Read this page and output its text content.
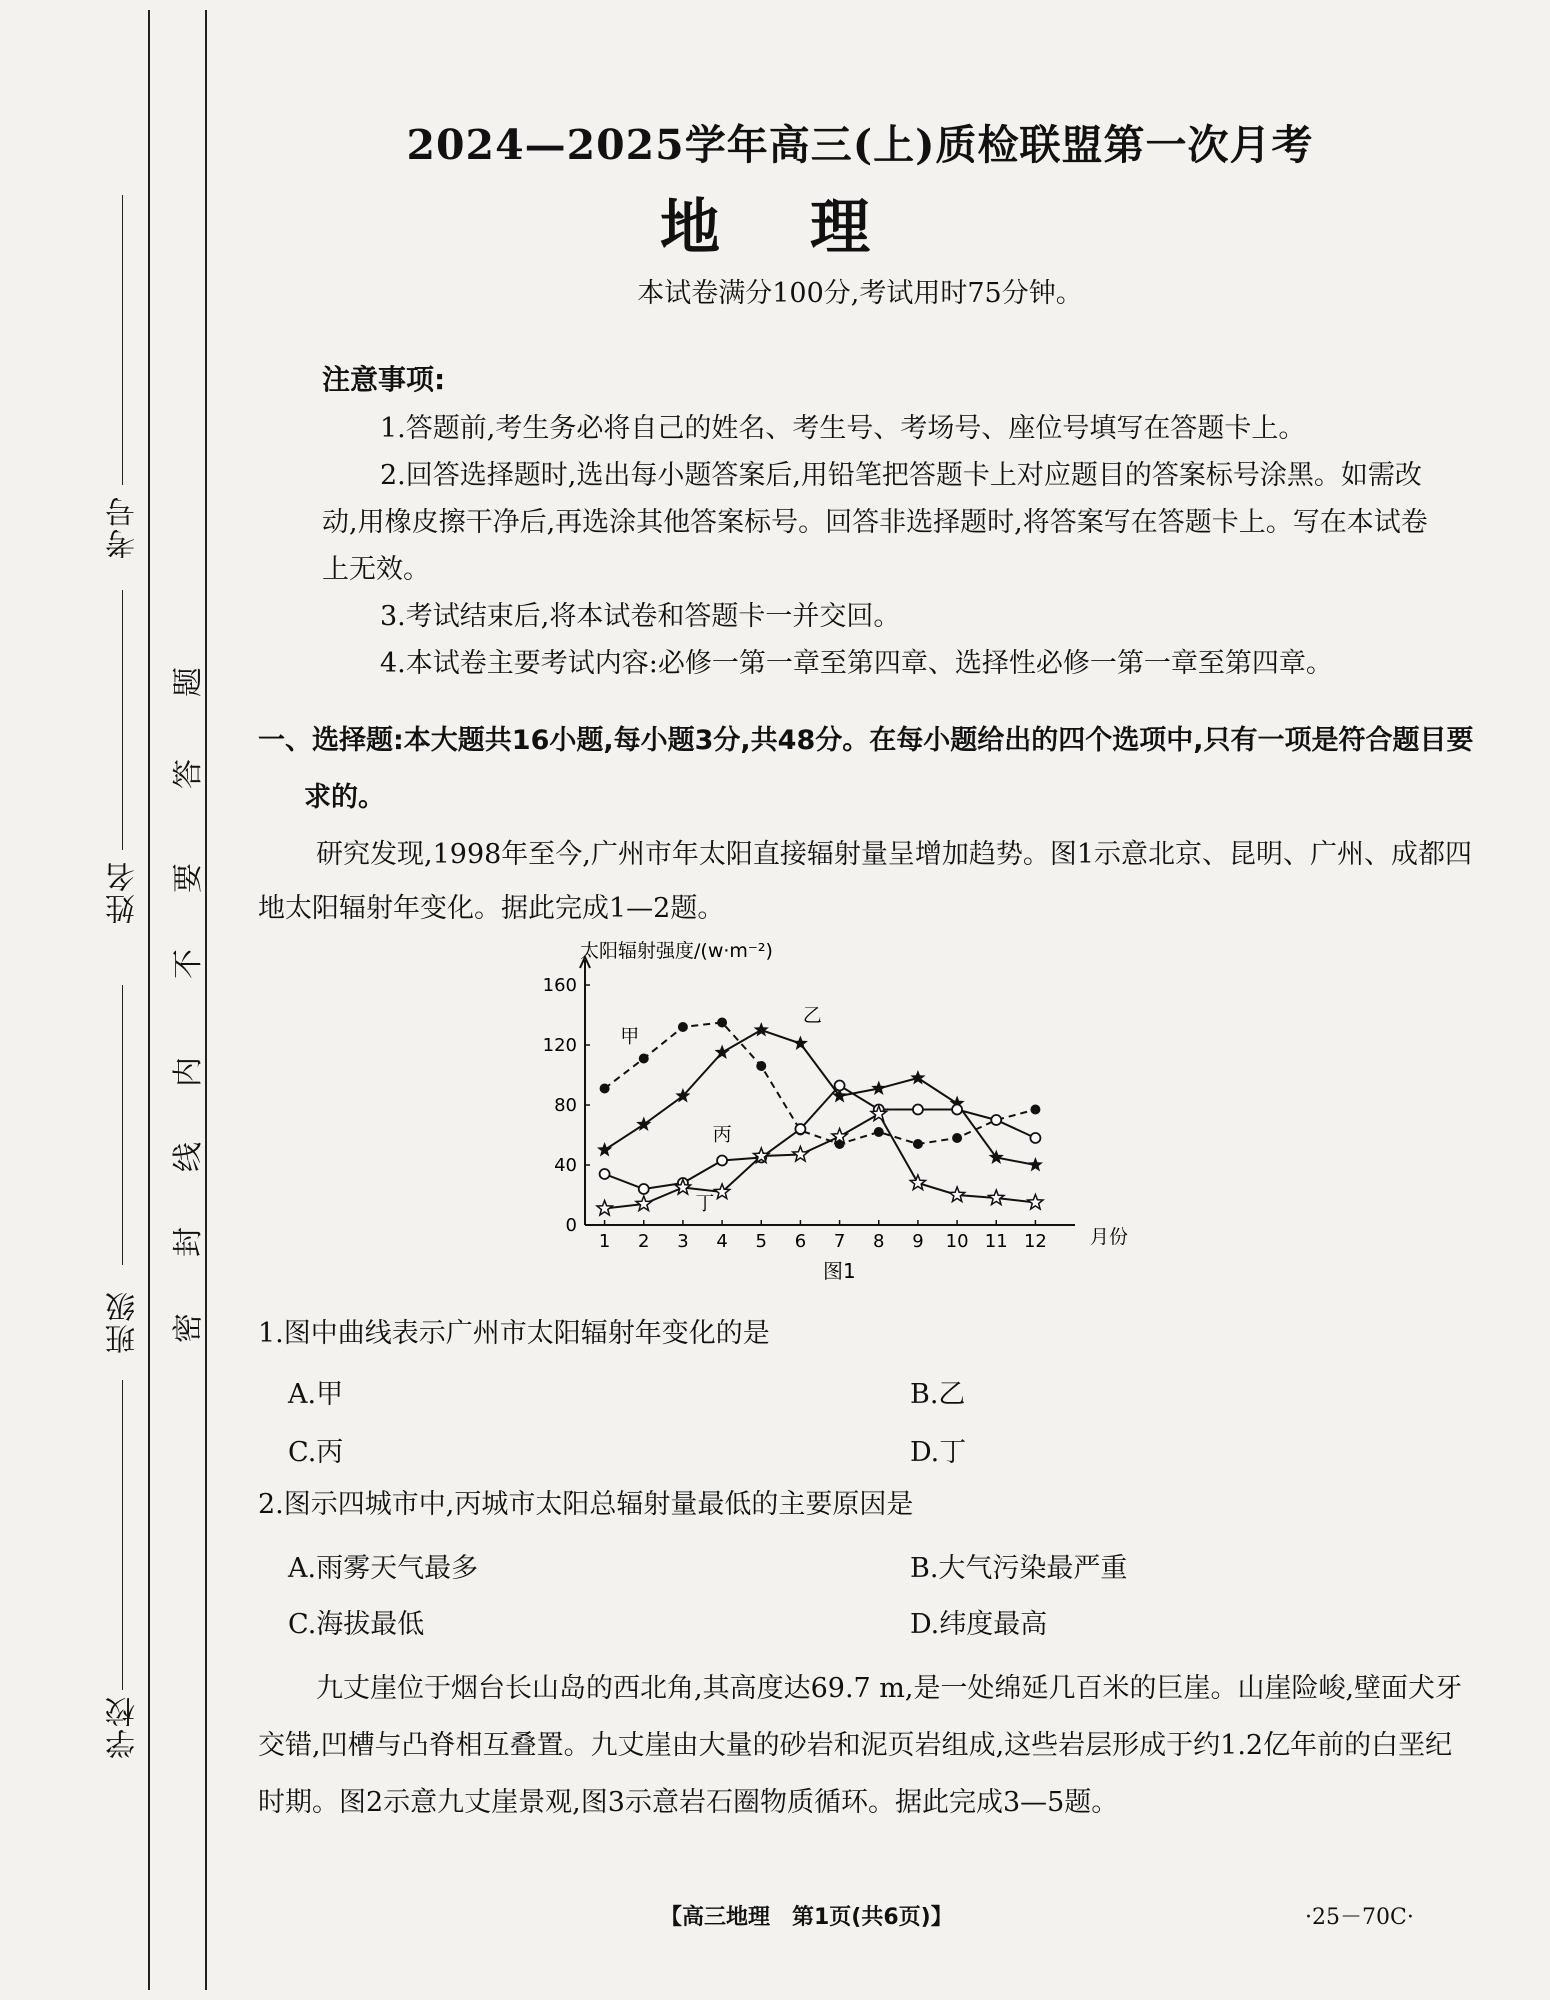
考号
姓名
班级
学校
密
封
线
内
不
要
答
题
2024—2025学年高三(上)质检联盟第一次月考
地理
本试卷满分100分,考试用时75分钟。
注意事项:
1.答题前,考生务必将自己的姓名、考生号、考场号、座位号填写在答题卡上。
2.回答选择题时,选出每小题答案后,用铅笔把答题卡上对应题目的答案标号涂黑。如需改动,用橡皮擦干净后,再选涂其他答案标号。回答非选择题时,将答案写在答题卡上。写在本试卷上无效。
3.考试结束后,将本试卷和答题卡一并交回。
4.本试卷主要考试内容:必修一第一章至第四章、选择性必修一第一章至第四章。
一、选择题:本大题共16小题,每小题3分,共48分。在每小题给出的四个选项中,只有一项是符合题目要求的。
研究发现,1998年至今,广州市年太阳直接辐射量呈增加趋势。图1示意北京、昆明、广州、成都四地太阳辐射年变化。据此完成1—2题。
0
40
80
120
160
1 2 3 4 5 6 7 8 9 10 11 12
甲
乙
丙
丁
太阳辐射强度/(w·m⁻²)
月份
图1
1.图中曲线表示广州市太阳辐射年变化的是
A.甲	B.乙
C.丙	D.丁
2.图示四城市中,丙城市太阳总辐射量最低的主要原因是
A.雨雾天气最多	B.大气污染最严重
C.海拔最低	D.纬度最高
九丈崖位于烟台长山岛的西北角,其高度达69.7 m,是一处绵延几百米的巨崖。山崖险峻,壁面犬牙交错,凹槽与凸脊相互叠置。九丈崖由大量的砂岩和泥页岩组成,这些岩层形成于约1.2亿年前的白垩纪时期。图2示意九丈崖景观,图3示意岩石圈物质循环。据此完成3—5题。
【高三地理　第1页(共6页)】	·25－70C·
